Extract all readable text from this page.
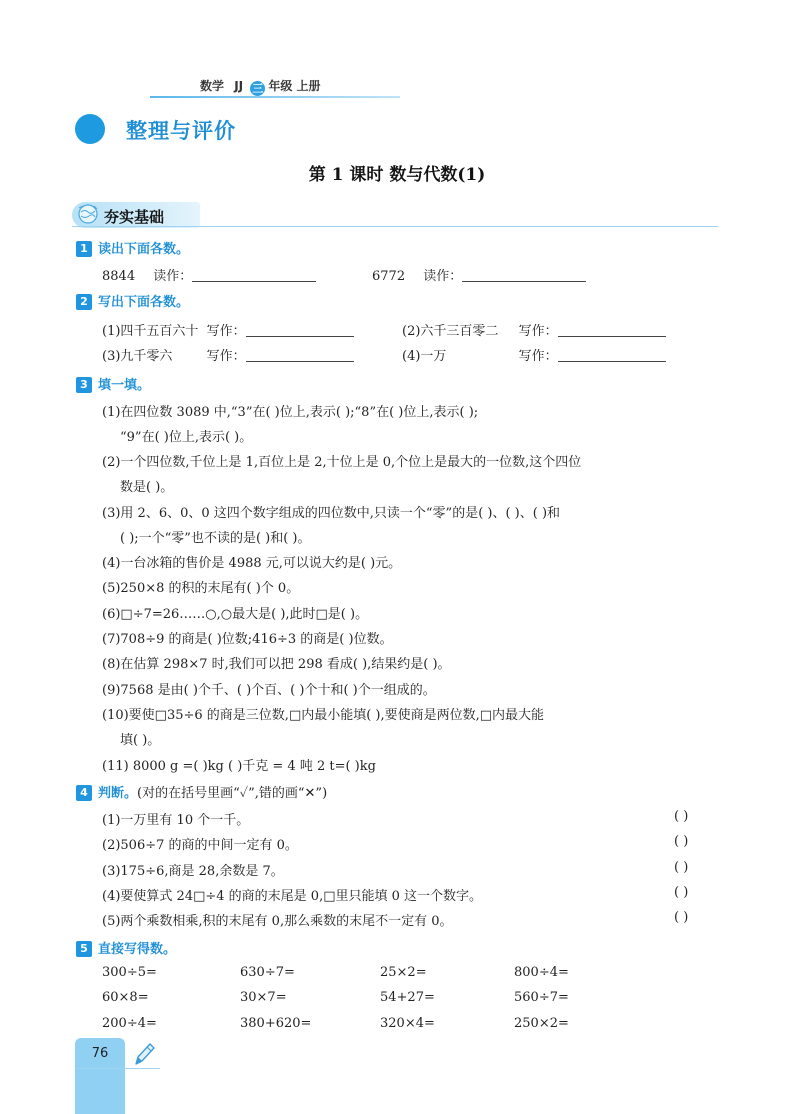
数学 JJ 三 年级 上册
整理与评价
第 1 课时 数与代数(1)
夯实基础
1 读出下面各数。
8844 读作：	6772 读作：
2 写出下面各数。
(1)四千五百六十 写作：	(2)六千三百零二 写作：
(3)九千零六	写作：	(4)一万	写作：
3 填一填。
(1)在四位数 3089 中,“3”在( )位上,表示( );“8”在( )位上,表示( );
“9”在( )位上,表示( )。
(2)一个四位数,千位上是 1,百位上是 2,十位上是 0,个位上是最大的一位数,这个四位
数是( )。
(3)用 2、6、0、0 这四个数字组成的四位数中,只读一个“零”的是( )、( )、( )和
( );一个“零”也不读的是( )和( )。
(4)一台冰箱的售价是 4988 元,可以说大约是( )元。
(5)250×8 的积的末尾有( )个 0。
(6)□÷7=26……○,○最大是( ),此时□是( )。
(7)708÷9 的商是( )位数;416÷3 的商是( )位数。
(8)在估算 298×7 时,我们可以把 298 看成( ),结果约是( )。
(9)7568 是由( )个千、( )个百、( )个十和( )个一组成的。
(10)要使□35÷6 的商是三位数,□内最小能填( ),要使商是两位数,□内最大能
填( )。
(11) 8000 g =( )kg ( )千克 = 4 吨 2 t=( )kg
4 判断。(对的在括号里画“✓”,错的画“✕”)
(1)一万里有 10 个一千。	( )
(2)506÷7 的商的中间一定有 0。	( )
(3)175÷6,商是 28,余数是 7。	( )
(4)要使算式 24□÷4 的商的末尾是 0,□里只能填 0 这一个数字。	( )
(5)两个乘数相乘,积的末尾有 0,那么乘数的末尾不一定有 0。	( )
5 直接写得数。
300÷5=	630÷7=	25×2=	800÷4=
60×8=	30×7=	54+27=	560÷7=
200÷4=	380+620=	320×4=	250×2=
76
